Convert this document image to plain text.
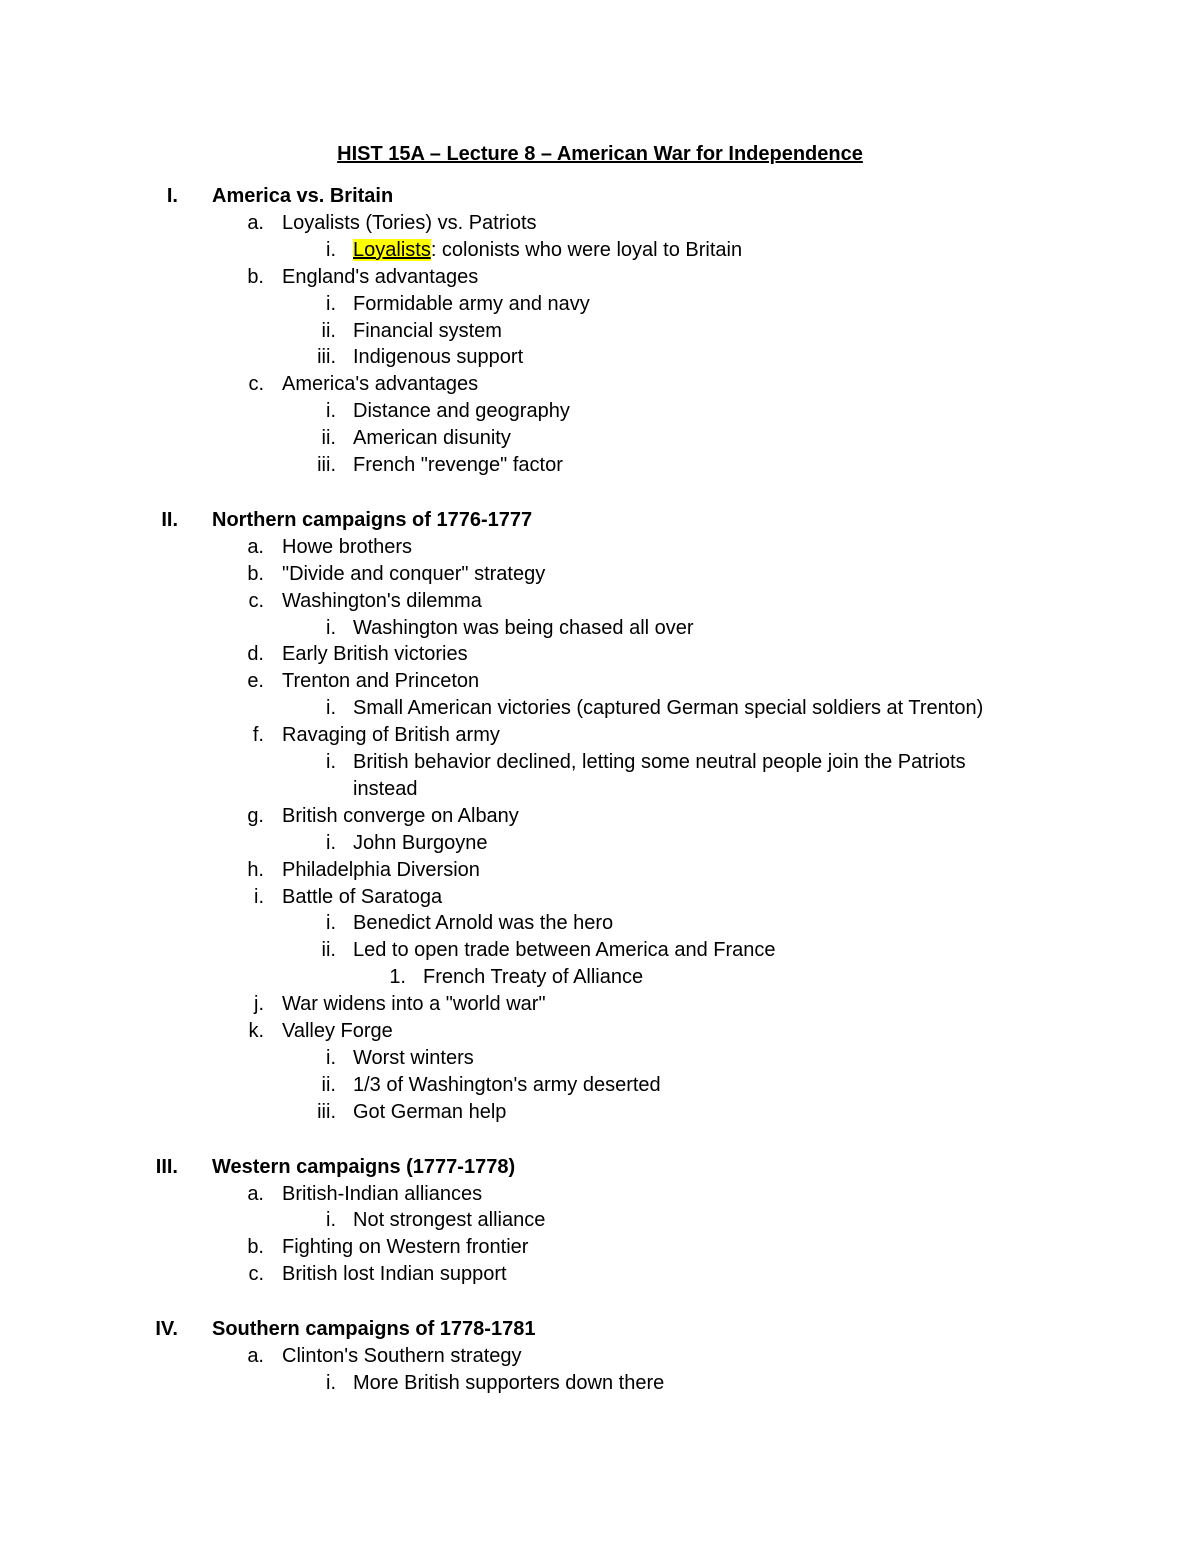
HIST 15A – Lecture 8 – American War for Independence
I. America vs. Britain
a. Loyalists (Tories) vs. Patriots
i. Loyalists: colonists who were loyal to Britain
b. England's advantages
i. Formidable army and navy
ii. Financial system
iii. Indigenous support
c. America's advantages
i. Distance and geography
ii. American disunity
iii. French "revenge" factor
II. Northern campaigns of 1776-1777
a. Howe brothers
b. "Divide and conquer" strategy
c. Washington's dilemma
i. Washington was being chased all over
d. Early British victories
e. Trenton and Princeton
i. Small American victories (captured German special soldiers at Trenton)
f. Ravaging of British army
i. British behavior declined, letting some neutral people join the Patriots
instead
g. British converge on Albany
i. John Burgoyne
h. Philadelphia Diversion
i. Battle of Saratoga
i. Benedict Arnold was the hero
ii. Led to open trade between America and France
1. French Treaty of Alliance
j. War widens into a "world war"
k. Valley Forge
i. Worst winters
ii. 1/3 of Washington's army deserted
iii. Got German help
III. Western campaigns (1777-1778)
a. British-Indian alliances
i. Not strongest alliance
b. Fighting on Western frontier
c. British lost Indian support
IV. Southern campaigns of 1778-1781
a. Clinton's Southern strategy
i. More British supporters down there
